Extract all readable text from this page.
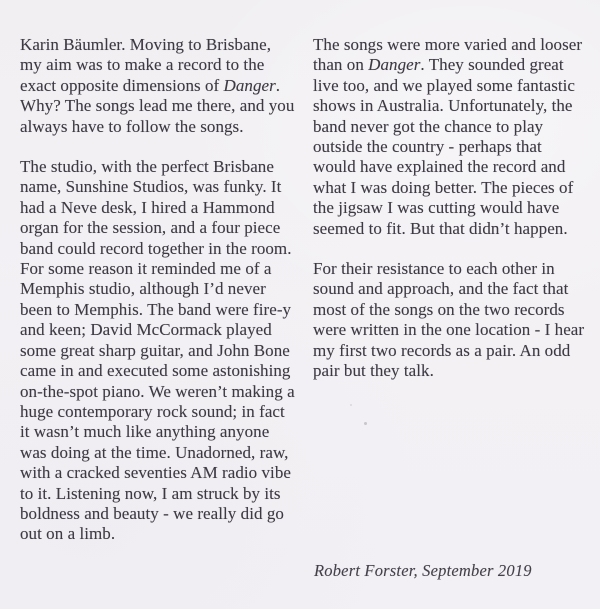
Karin Bäumler. Moving to Brisbane, my aim was to make a record to the exact opposite dimensions of Danger. Why? The songs lead me there, and you always have to follow the songs.

The studio, with the perfect Brisbane name, Sunshine Studios, was funky. It had a Neve desk, I hired a Hammond organ for the session, and a four piece band could record together in the room. For some reason it reminded me of a Memphis studio, although I’d never been to Memphis. The band were fire-y and keen; David McCormack played some great sharp guitar, and John Bone came in and executed some astonishing on-the-spot piano. We weren’t making a huge contemporary rock sound; in fact it wasn’t much like anything anyone was doing at the time. Unadorned, raw, with a cracked seventies AM radio vibe to it. Listening now, I am struck by its boldness and beauty - we really did go out on a limb.

The songs were more varied and looser than on Danger. They sounded great live too, and we played some fantastic shows in Australia. Unfortunately, the band never got the chance to play outside the country - perhaps that would have explained the record and what I was doing better. The pieces of the jigsaw I was cutting would have seemed to fit. But that didn’t happen.

For their resistance to each other in sound and approach, and the fact that most of the songs on the two records were written in the one location - I hear my first two records as a pair. An odd pair but they talk.

Robert Forster, September 2019
